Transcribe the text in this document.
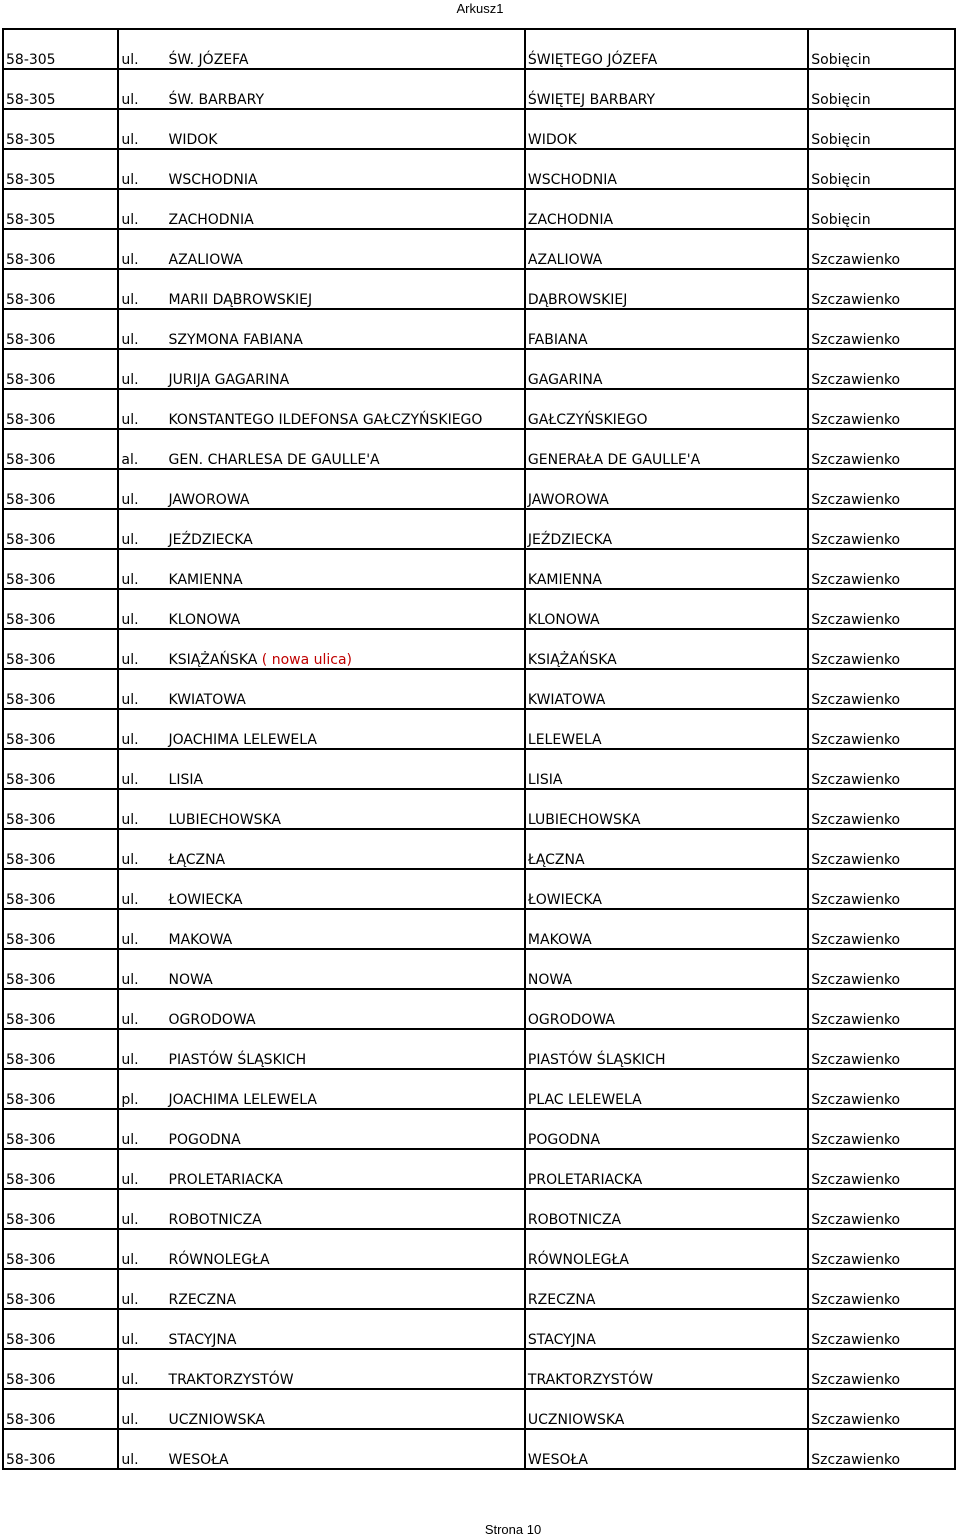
Arkusz1
58-305	ul.	ŚW. JÓZEFA	ŚWIĘTEGO JÓZEFA	Sobięcin
58-305	ul.	ŚW. BARBARY	ŚWIĘTEJ BARBARY	Sobięcin
58-305	ul.	WIDOK	WIDOK	Sobięcin
58-305	ul.	WSCHODNIA	WSCHODNIA	Sobięcin
58-305	ul.	ZACHODNIA	ZACHODNIA	Sobięcin
58-306	ul.	AZALIOWA	AZALIOWA	Szczawienko
58-306	ul.	MARII DĄBROWSKIEJ	DĄBROWSKIEJ	Szczawienko
58-306	ul.	SZYMONA FABIANA	FABIANA	Szczawienko
58-306	ul.	JURIJA GAGARINA	GAGARINA	Szczawienko
58-306	ul.	KONSTANTEGO ILDEFONSA GAŁCZYŃSKIEGO	GAŁCZYŃSKIEGO	Szczawienko
58-306	al.	GEN. CHARLESA DE GAULLE'A	GENERAŁA DE GAULLE'A	Szczawienko
58-306	ul.	JAWOROWA	JAWOROWA	Szczawienko
58-306	ul.	JEŹDZIECKA	JEŹDZIECKA	Szczawienko
58-306	ul.	KAMIENNA	KAMIENNA	Szczawienko
58-306	ul.	KLONOWA	KLONOWA	Szczawienko
58-306	ul.	KSIĄŻAŃSKA ( nowa ulica)	KSIĄŻAŃSKA	Szczawienko
58-306	ul.	KWIATOWA	KWIATOWA	Szczawienko
58-306	ul.	JOACHIMA LELEWELA	LELEWELA	Szczawienko
58-306	ul.	LISIA	LISIA	Szczawienko
58-306	ul.	LUBIECHOWSKA	LUBIECHOWSKA	Szczawienko
58-306	ul.	ŁĄCZNA	ŁĄCZNA	Szczawienko
58-306	ul.	ŁOWIECKA	ŁOWIECKA	Szczawienko
58-306	ul.	MAKOWA	MAKOWA	Szczawienko
58-306	ul.	NOWA	NOWA	Szczawienko
58-306	ul.	OGRODOWA	OGRODOWA	Szczawienko
58-306	ul.	PIASTÓW ŚLĄSKICH	PIASTÓW ŚLĄSKICH	Szczawienko
58-306	pl.	JOACHIMA LELEWELA	PLAC LELEWELA	Szczawienko
58-306	ul.	POGODNA	POGODNA	Szczawienko
58-306	ul.	PROLETARIACKA	PROLETARIACKA	Szczawienko
58-306	ul.	ROBOTNICZA	ROBOTNICZA	Szczawienko
58-306	ul.	RÓWNOLEGŁA	RÓWNOLEGŁA	Szczawienko
58-306	ul.	RZECZNA	RZECZNA	Szczawienko
58-306	ul.	STACYJNA	STACYJNA	Szczawienko
58-306	ul.	TRAKTORZYSTÓW	TRAKTORZYSTÓW	Szczawienko
58-306	ul.	UCZNIOWSKA	UCZNIOWSKA	Szczawienko
58-306	ul.	WESOŁA	WESOŁA	Szczawienko
Strona 10
